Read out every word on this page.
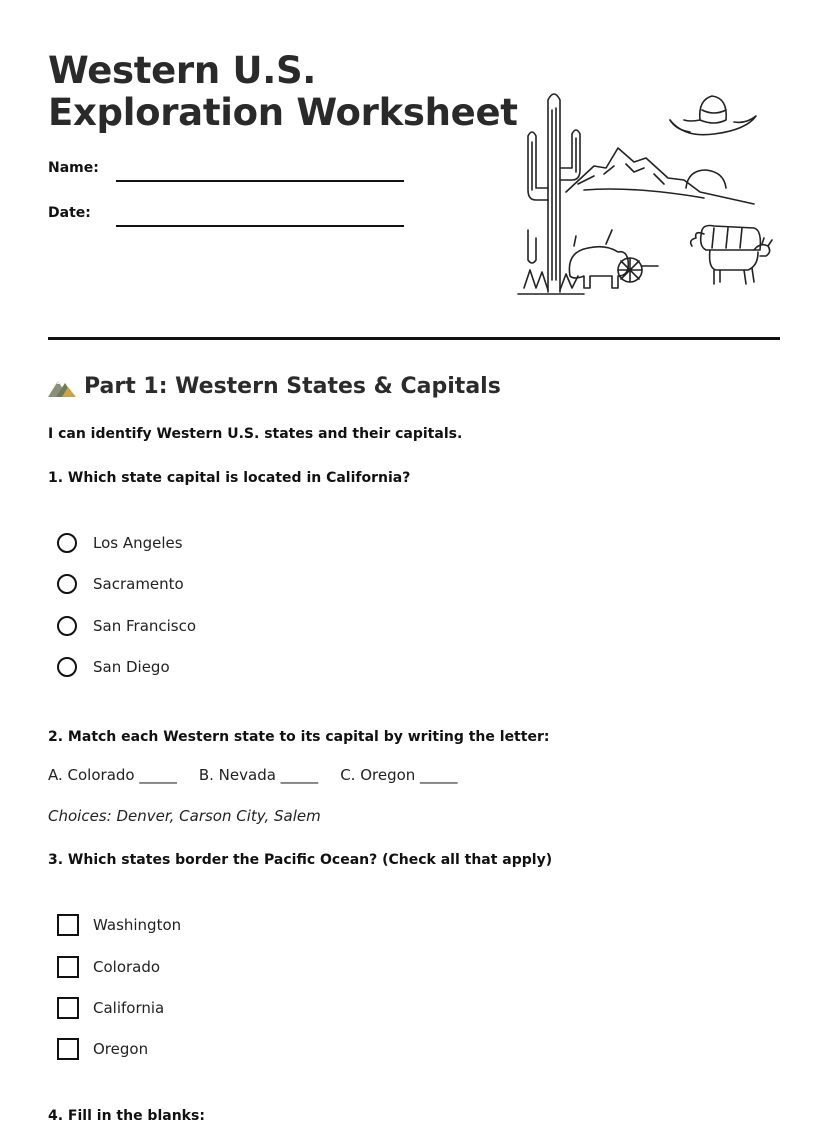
Western U.S.
Exploration Worksheet
Name:
Date:
Part 1: Western States & Capitals
I can identify Western U.S. states and their capitals.
1. Which state capital is located in California?
Los Angeles
Sacramento
San Francisco
San Diego
2. Match each Western state to its capital by writing the letter:
A. Colorado _____ B. Nevada _____ C. Oregon _____
Choices: Denver, Carson City, Salem
3. Which states border the Pacific Ocean? (Check all that apply)
Washington
Colorado
California
Oregon
4. Fill in the blanks:
